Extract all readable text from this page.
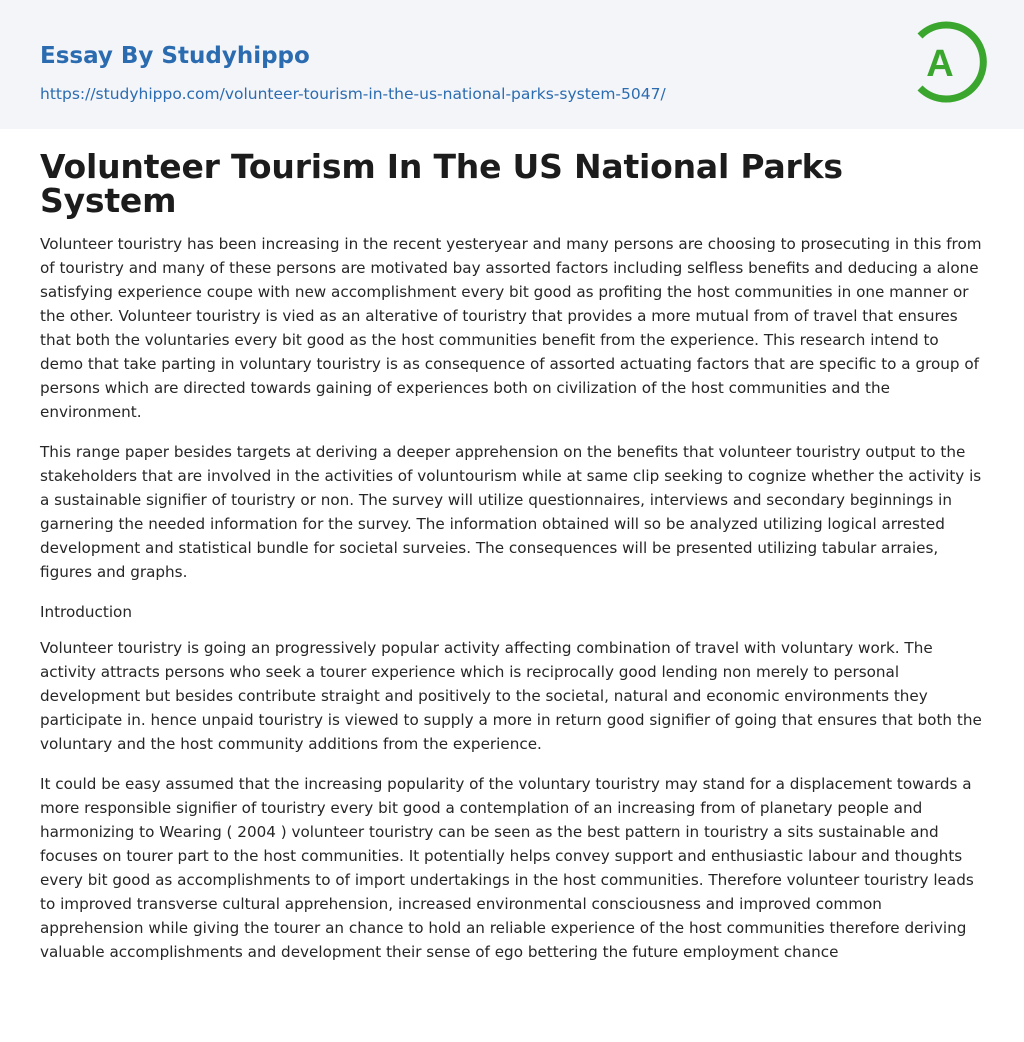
Essay By Studyhippo
https://studyhippo.com/volunteer-tourism-in-the-us-national-parks-system-5047/
A
Volunteer Tourism In The US National Parks System

Volunteer touristry has been increasing in the recent yesteryear and many persons are choosing to prosecuting in this from of touristry and many of these persons are motivated bay assorted factors including selfless benefits and deducing a alone satisfying experience coupe with new accomplishment every bit good as profiting the host communities in one manner or the other. Volunteer touristry is vied as an alterative of touristry that provides a more mutual from of travel that ensures that both the voluntaries every bit good as the host communities benefit from the experience. This research intend to demo that take parting in voluntary touristry is as consequence of assorted actuating factors that are specific to a group of persons which are directed towards gaining of experiences both on civilization of the host communities and the environment.

This range paper besides targets at deriving a deeper apprehension on the benefits that volunteer touristry output to the stakeholders that are involved in the activities of voluntourism while at same clip seeking to cognize whether the activity is a sustainable signifier of touristry or non. The survey will utilize questionnaires, interviews and secondary beginnings in garnering the needed information for the survey. The information obtained will so be analyzed utilizing logical arrested development and statistical bundle for societal surveies. The consequences will be presented utilizing tabular arraies, figures and graphs.

Introduction

Volunteer touristry is going an progressively popular activity affecting combination of travel with voluntary work. The activity attracts persons who seek a tourer experience which is reciprocally good lending non merely to personal development but besides contribute straight and positively to the societal, natural and economic environments they participate in. hence unpaid touristry is viewed to supply a more in return good signifier of going that ensures that both the voluntary and the host community additions from the experience.

It could be easy assumed that the increasing popularity of the voluntary touristry may stand for a displacement towards a more responsible signifier of touristry every bit good a contemplation of an increasing from of planetary people and harmonizing to Wearing ( 2004 ) volunteer touristry can be seen as the best pattern in touristry a sits sustainable and focuses on tourer part to the host communities. It potentially helps convey support and enthusiastic labour and thoughts every bit good as accomplishments to of import undertakings in the host communities. Therefore volunteer touristry leads to improved transverse cultural apprehension, increased environmental consciousness and improved common apprehension while giving the tourer an chance to hold an reliable experience of the host communities therefore deriving valuable accomplishments and development their sense of ego bettering the future employment chance
